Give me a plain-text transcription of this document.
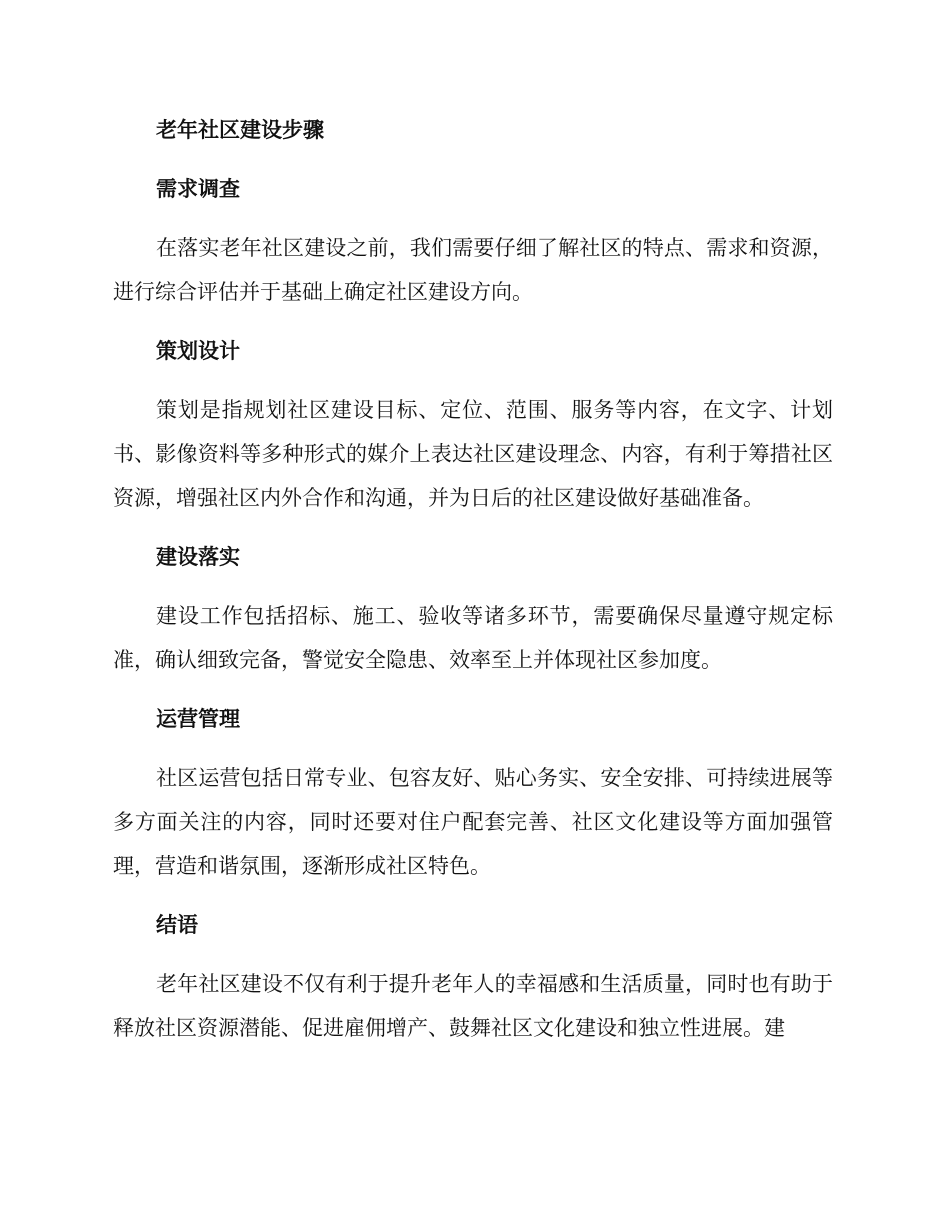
老年社区建设步骤
需求调查

在落实老年社区建设之前，我们需要仔细了解社区的特点、需求和资源，进行综合评估并于基础上确定社区建设方向。

策划设计

策划是指规划社区建设目标、定位、范围、服务等内容，在文字、计划书、影像资料等多种形式的媒介上表达社区建设理念、内容，有利于筹措社区资源，增强社区内外合作和沟通，并为日后的社区建设做好基础准备。

建设落实

建设工作包括招标、施工、验收等诸多环节，需要确保尽量遵守规定标准，确认细致完备，警觉安全隐患、效率至上并体现社区参加度。

运营管理

社区运营包括日常专业、包容友好、贴心务实、安全安排、可持续进展等多方面关注的内容，同时还要对住户配套完善、社区文化建设等方面加强管理，营造和谐氛围，逐渐形成社区特色。

结语

老年社区建设不仅有利于提升老年人的幸福感和生活质量，同时也有助于释放社区资源潜能、促进雇佣增产、鼓舞社区文化建设和独立性进展。建
